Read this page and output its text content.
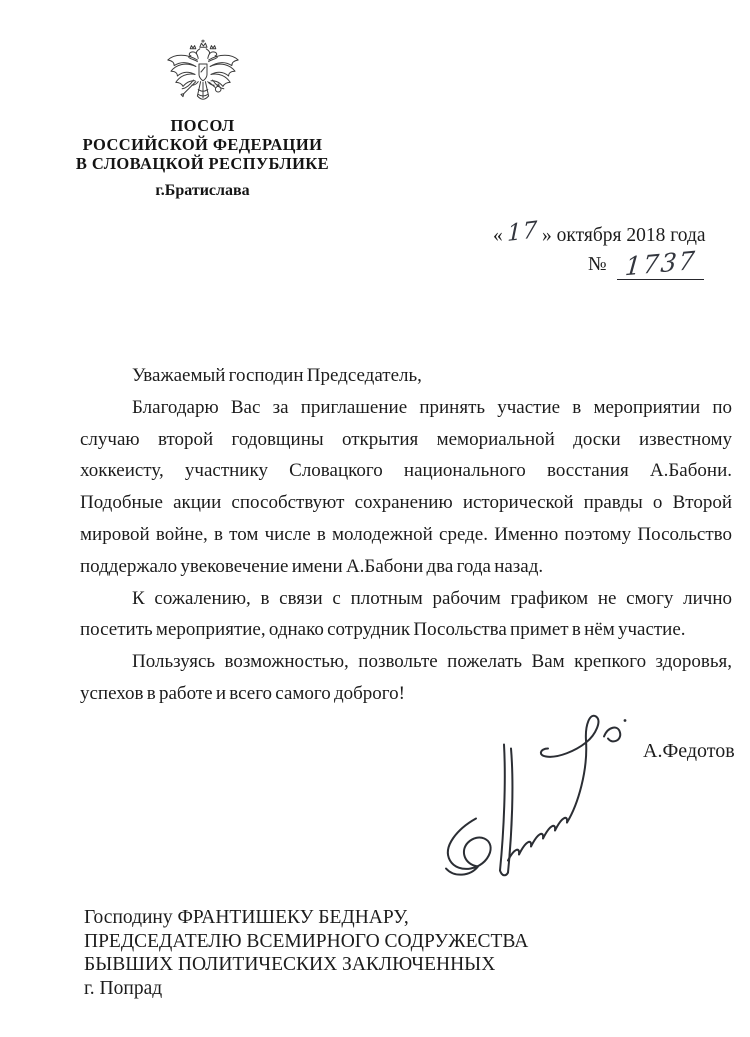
ПОСОЛ
РОССИЙСКОЙ ФЕДЕРАЦИИ
В СЛОВАЦКОЙ РЕСПУБЛИКЕ
г.Братислава
« 17 » октября 2018 года
№ 1737
Уважаемый господин Председатель,
Благодарю Вас за приглашение принять участие в мероприятии по
случаю второй годовщины открытия мемориальной доски известному
хоккеисту, участнику Словацкого национального восстания А.Бабони.
Подобные акции способствуют сохранению исторической правды о Второй
мировой войне, в том числе в молодежной среде. Именно поэтому Посольство
поддержало увековечение имени А.Бабони два года назад.
К сожалению, в связи с плотным рабочим графиком не смогу лично
посетить мероприятие, однако сотрудник Посольства примет в нём участие.
Пользуясь возможностью, позвольте пожелать Вам крепкого здоровья,
успехов в работе и всего самого доброго!
А.Федотов
Господину ФРАНТИШЕКУ БЕДНАРУ,
ПРЕДСЕДАТЕЛЮ ВСЕМИРНОГО СОДРУЖЕСТВА
БЫВШИХ ПОЛИТИЧЕСКИХ ЗАКЛЮЧЕННЫХ
г. Попрад
